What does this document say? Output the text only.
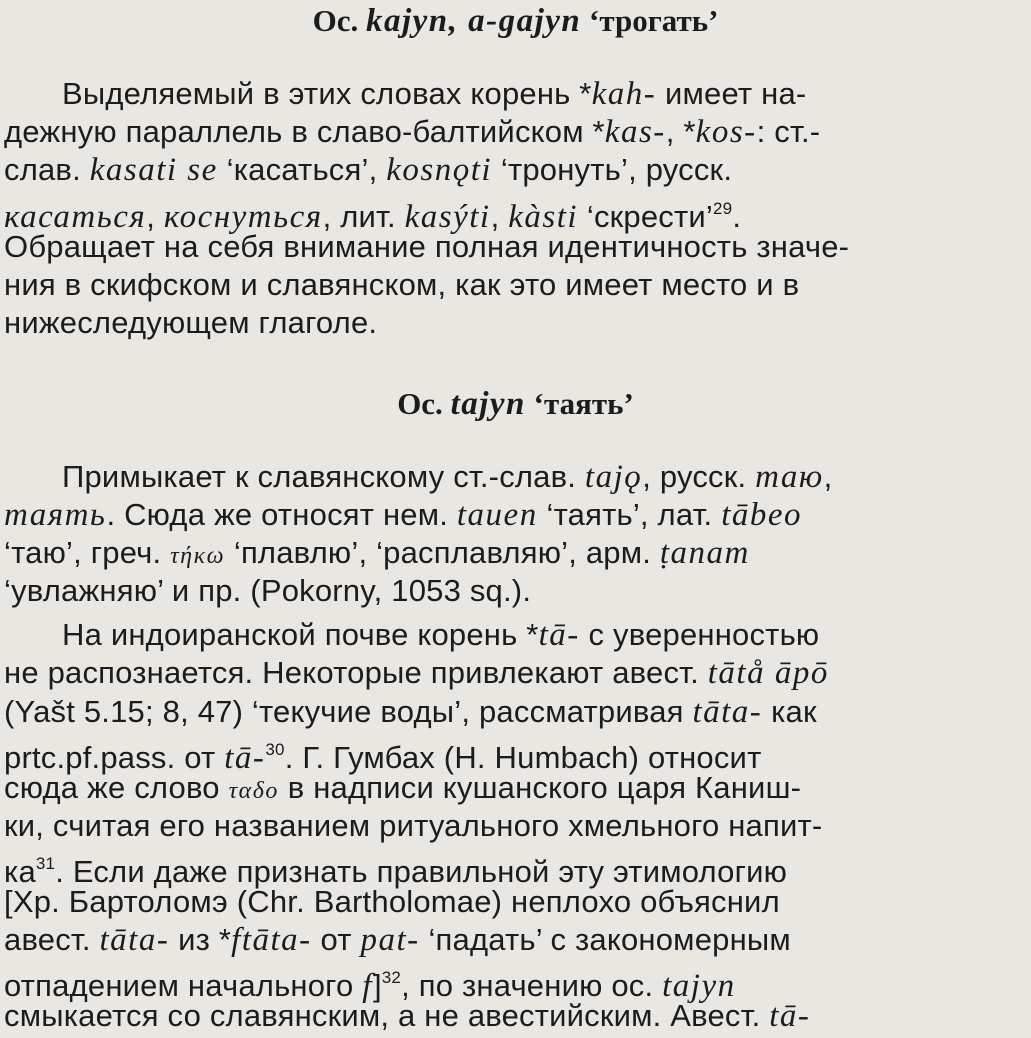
Ос. kajyn, a-gajyn ‘трогать’
Выделяемый в этих словах корень *kah- имеет на-
дежную параллель в славо-балтийском *kas-, *kos-: ст.-
слав. kasati se ‘касаться’, kosnǫti ‘тронуть’, русск.
касаться, коснуться, лит. kasýti, kàsti ‘скрести’$^{29}$.
Обращает на себя внимание полная идентичность значе-
ния в скифском и славянском, как это имеет место и в
нижеследующем глаголе.
Ос. tajyn ‘таять’
Примыкает к славянскому ст.-слав. tajǫ, русск. таю,
таять. Сюда же относят нем. tauen ‘таять’, лат. tābeo
‘таю’, греч. τήκω ‘плавлю’, ‘расплавляю’, арм. ṭanam
‘увлажняю’ и пр. (Pokorny, 1053 sq.).
На индоиранской почве корень *tā- с уверенностью
не распознается. Некоторые привлекают авест. tātå āpō
(Yašt 5.15; 8, 47) ‘текучие воды’, рассматривая tāta- как
prtc.pf.pass. от tā-$^{30}$. Г. Гумбах (H. Humbach) относит
сюда же слово ταδο в надписи кушанского царя Каниш-
ки, считая его названием ритуального хмельного напит-
$ка^{31}$. Если даже признать правильной эту этимологию
[Хр. Бартоломэ (Chr. Bartholomae) неплохо объяснил
авест. tāta- из *ftāta- от pat- ‘падать’ с закономерным
отпадением начального f]$^{32}$, по значению ос. tajyn
смыкается со славянским, а не авестийским. Авест. tā-
